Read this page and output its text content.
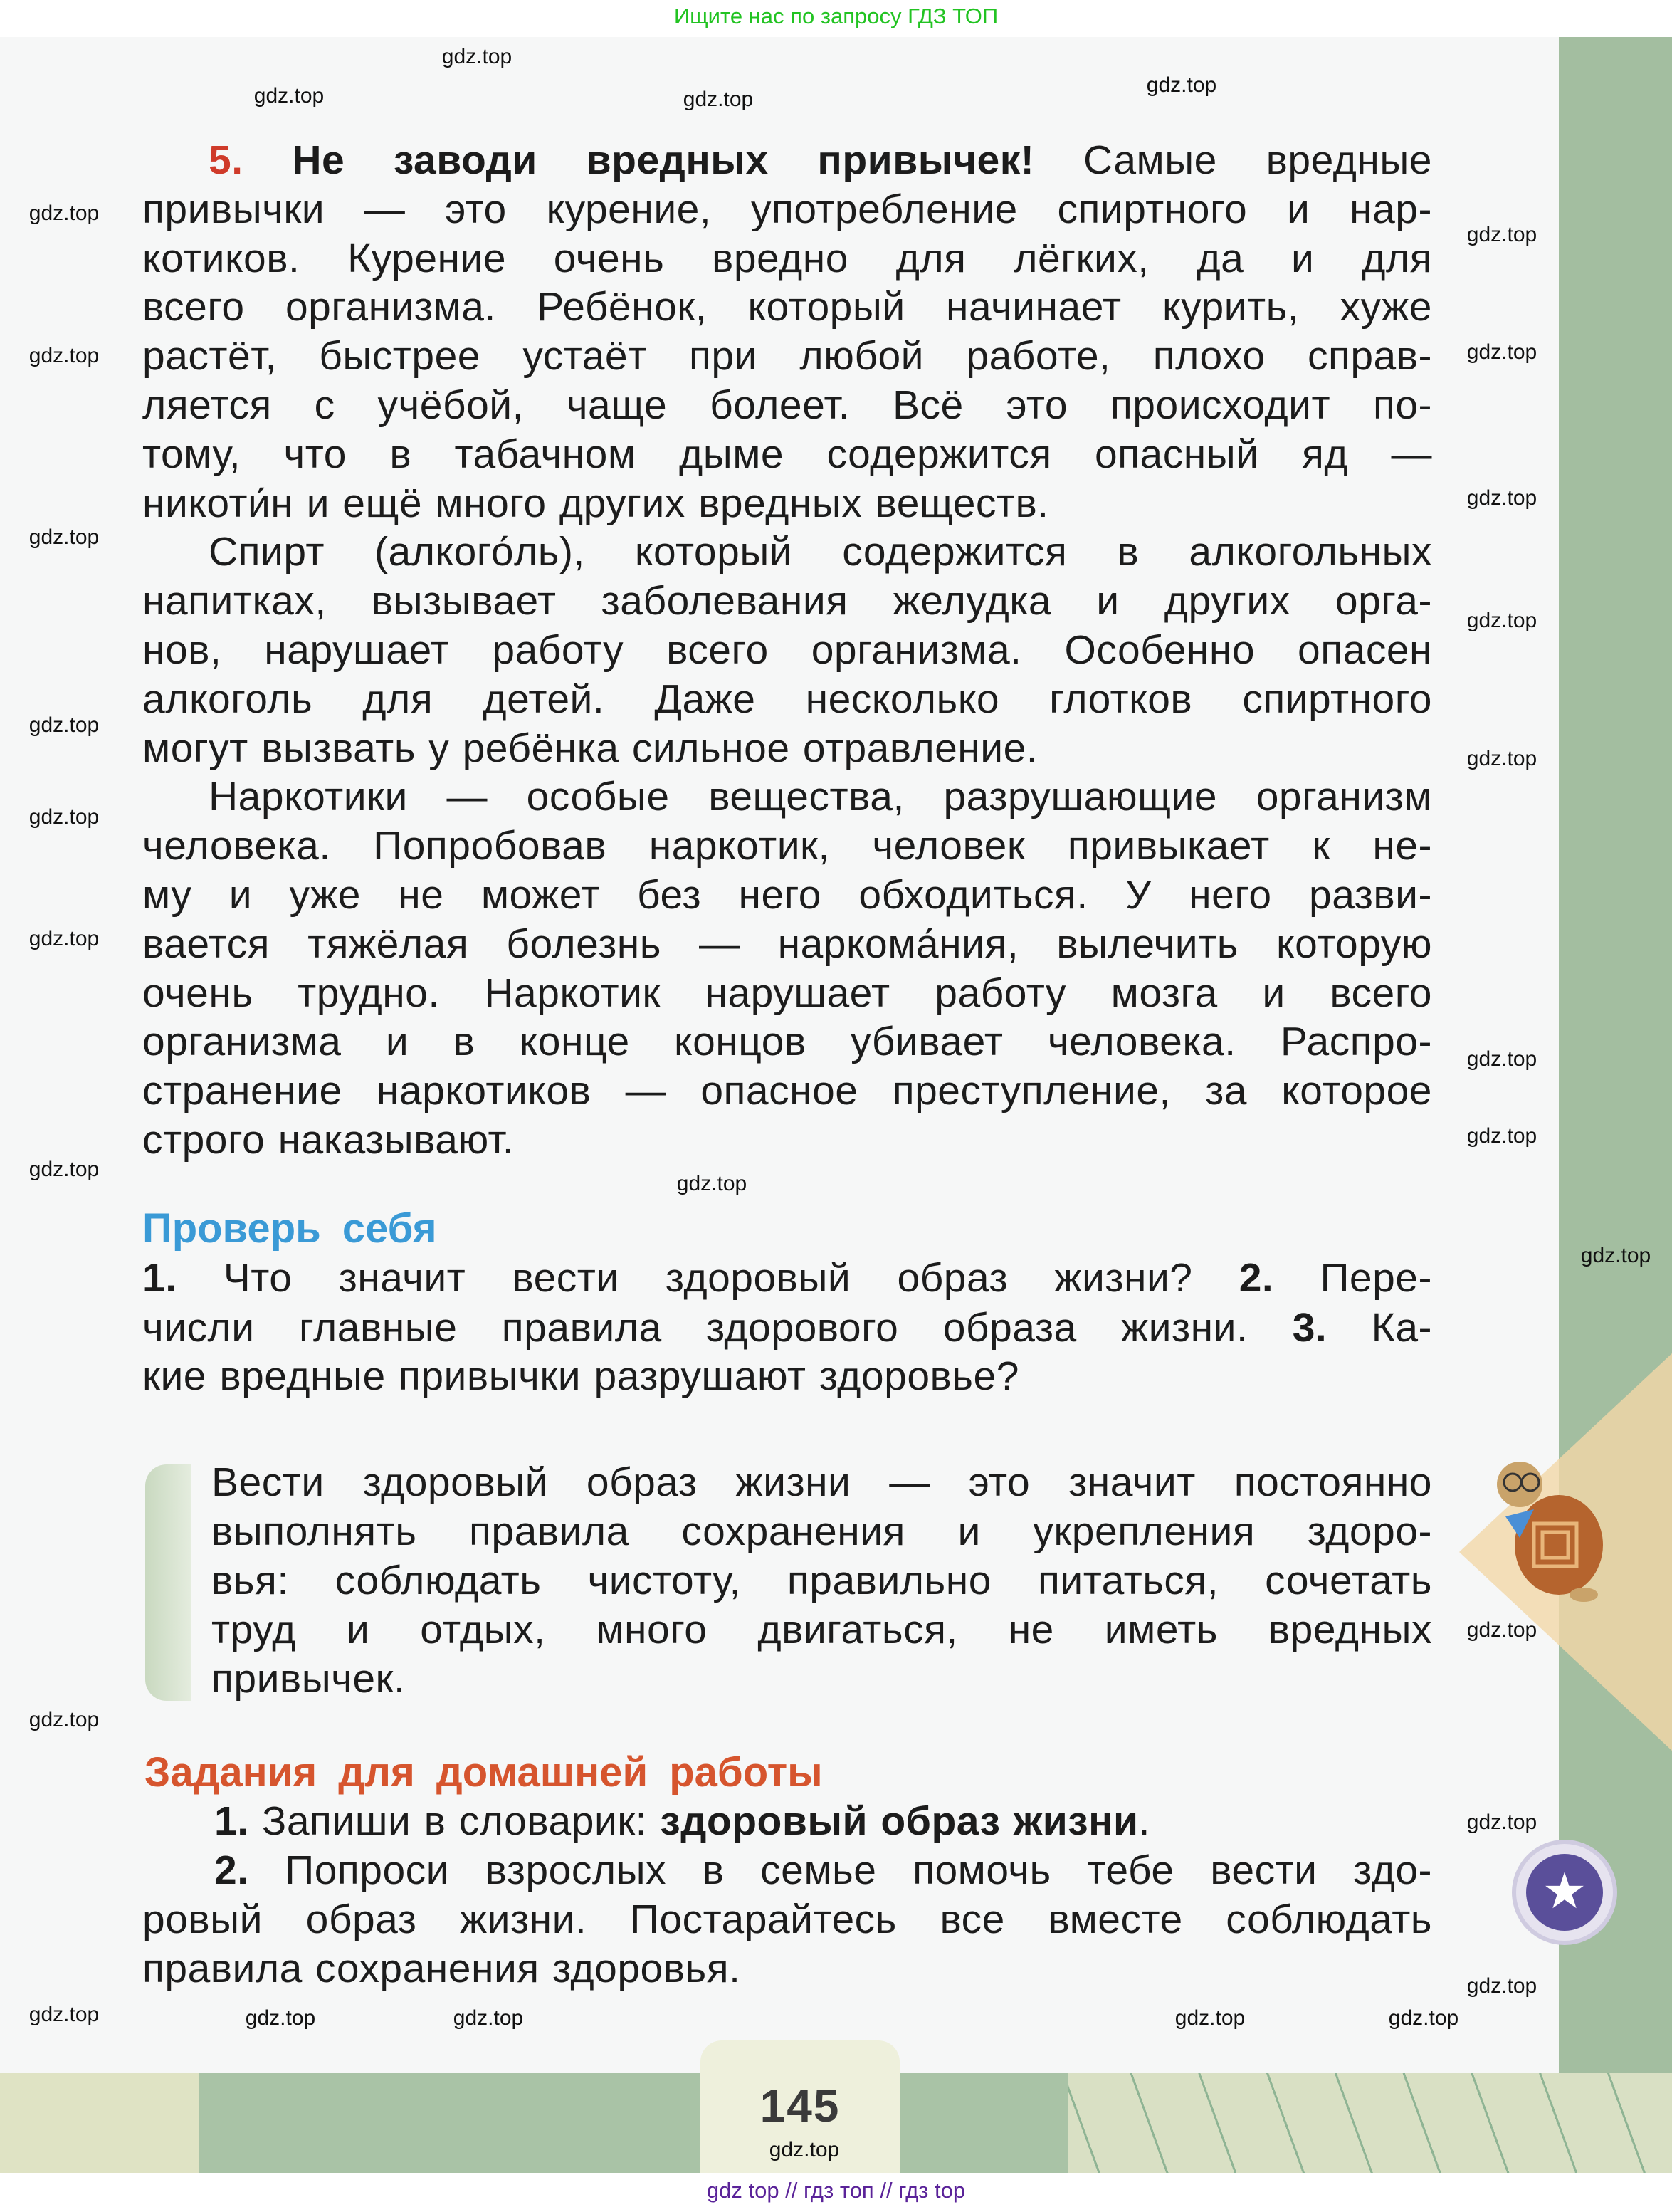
Ищите нас по запросу ГДЗ ТОП
145
5. Не заводи вредных привычек! Самые вредные
привычки — это курение, употребление спиртного и нар-
котиков. Курение очень вредно для лёгких, да и для
всего организма. Ребёнок, который начинает курить, хуже
растёт, быстрее устаёт при любой работе, плохо справ-
ляется с учёбой, чаще болеет. Всё это происходит по-
тому, что в табачном дыме содержится опасный яд —
никоти́н и ещё много других вредных веществ.
Спирт (алкого́ль), который содержится в алкогольных
напитках, вызывает заболевания желудка и других орга-
нов, нарушает работу всего организма. Особенно опасен
алкоголь для детей. Даже несколько глотков спиртного
могут вызвать у ребёнка сильное отравление.
Наркотики — особые вещества, разрушающие организм
человека. Попробовав наркотик, человек привыкает к не-
му и уже не может без него обходиться. У него разви-
вается тяжёлая болезнь — наркома́ния, вылечить которую
очень трудно. Наркотик нарушает работу мозга и всего
организма и в конце концов убивает человека. Распро-
странение наркотиков — опасное преступление, за которое
строго наказывают.
Проверь себя
1. Что значит вести здоровый образ жизни? 2. Пере-
числи главные правила здорового образа жизни. 3. Ка-
кие вредные привычки разрушают здоровье?
Вести здоровый образ жизни — это значит постоянно
выполнять правила сохранения и укрепления здоро-
вья: соблюдать чистоту, правильно питаться, сочетать
труд и отдых, много двигаться, не иметь вредных
привычек.
Задания для домашней работы
1. Запиши в словарик: здоровый образ жизни.
2. Попроси взрослых в семье помочь тебе вести здо-
ровый образ жизни. Постарайтесь все вместе соблюдать
правила сохранения здоровья.
★
gdz.top
gdz.top	gdz.top
gdz.top
gdz.top
gdz.top
gdz.top
gdz.top
gdz.top
gdz.top
gdz.top
gdz.top
gdz.top
gdz.top
gdz.top
gdz.top
gdz.top
gdz.top
gdz.top
gdz.top
gdz.top
gdz.top
gdz.top
gdz.top
gdz.top	gdz.top	gdz.top	gdz.top
gdz.top
gdz.top
gdz top // гдз топ // гдз top
